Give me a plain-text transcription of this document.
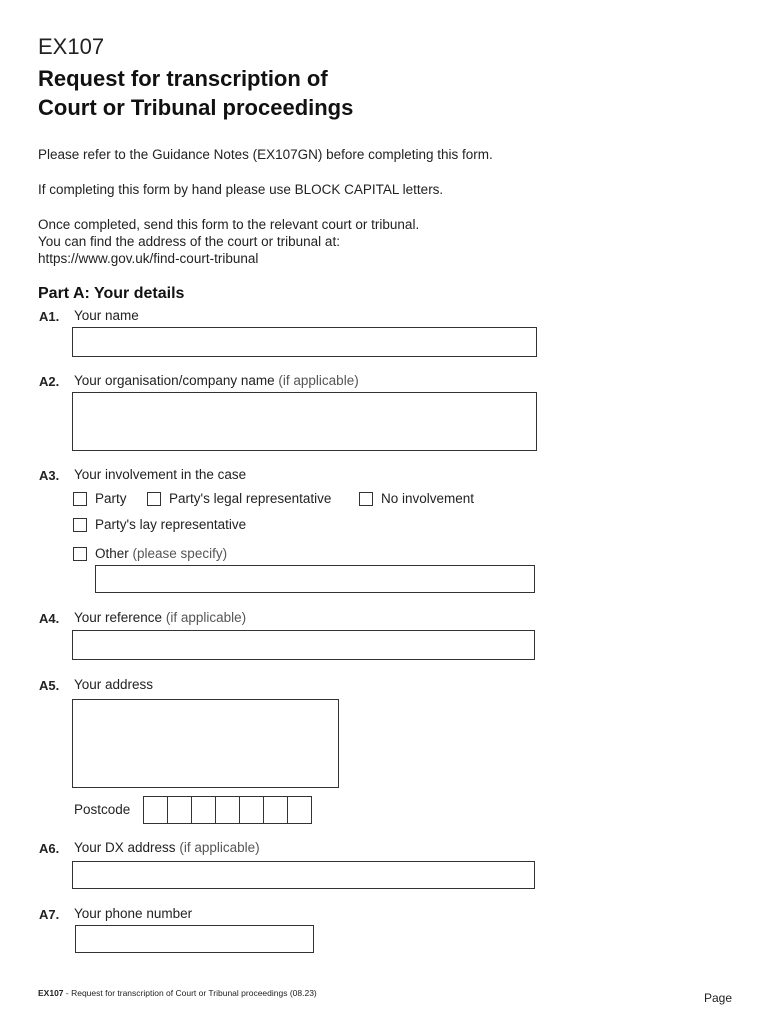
EX107
Request for transcription of
Court or Tribunal proceedings
Please refer to the Guidance Notes (EX107GN) before completing this form.
If completing this form by hand please use BLOCK CAPITAL letters.
Once completed, send this form to the relevant court or tribunal.
You can find the address of the court or tribunal at:
https://www.gov.uk/find-court-tribunal
Part A: Your details
A1. Your name
A2. Your organisation/company name (if applicable)
A3. Your involvement in the case
Party	Party's legal representative	No involvement
Party's lay representative
Other (please specify)
A4. Your reference (if applicable)
A5. Your address
Postcode
A6. Your DX address (if applicable)
A7. Your phone number
EX107 - Request for transcription of Court or Tribunal proceedings (08.23)	Page
